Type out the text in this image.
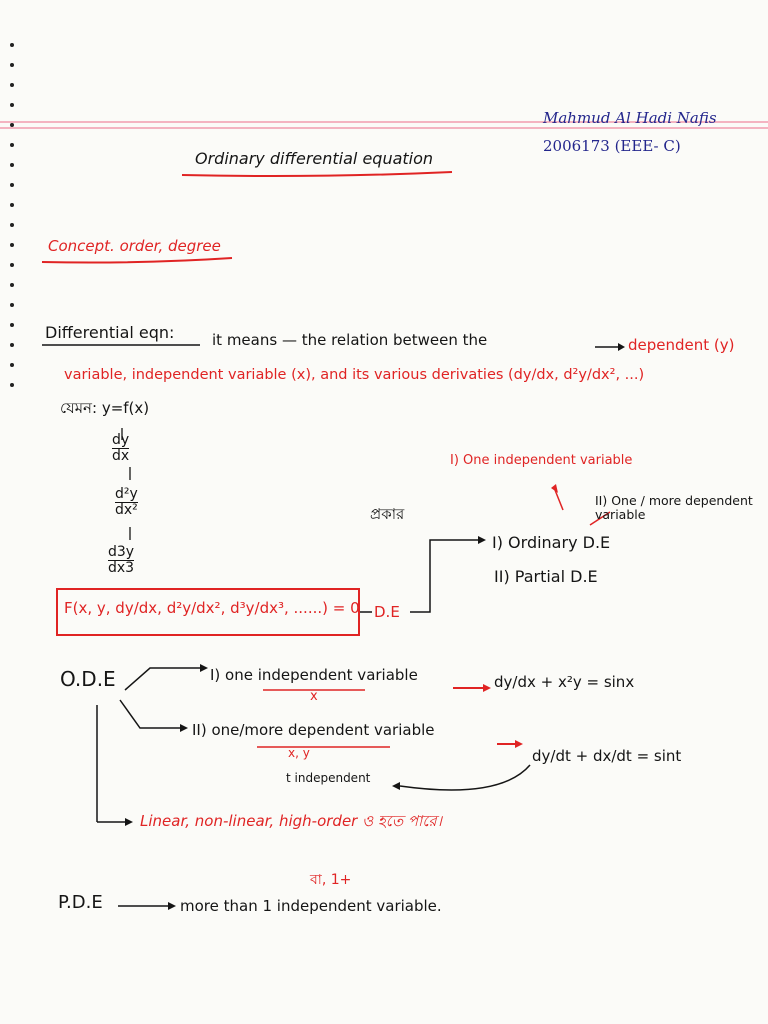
Mahmud Al Hadi Nafis
2006173 (EEE- C)
Ordinary differential equation
Concept. order, degree
Differential eqn:	it means — the relation between the	dependent (y)
variable, independent variable (x), and its various derivaties (dy/dx, d²y/dx², ...)
যেমন: y=f(x)
dy
dx
d²y
dx²
d3y
dx3
F(x, y, dy/dx, d²y/dx², d³y/dx³, ......) = 0 D.E
প্রকার
I) Ordinary D.E
II) Partial D.E
I) One independent variable
II) One / more dependent variable
O.D.E	I) one independent variable
x
dy/dx + x²y = sinx
II) one/more dependent variable
x, y	dy/dt + dx/dt = sint
t independent
Linear, non-linear, high-order ও হতে পারে।
P.D.E
বা, 1+
more than 1 independent variable.
